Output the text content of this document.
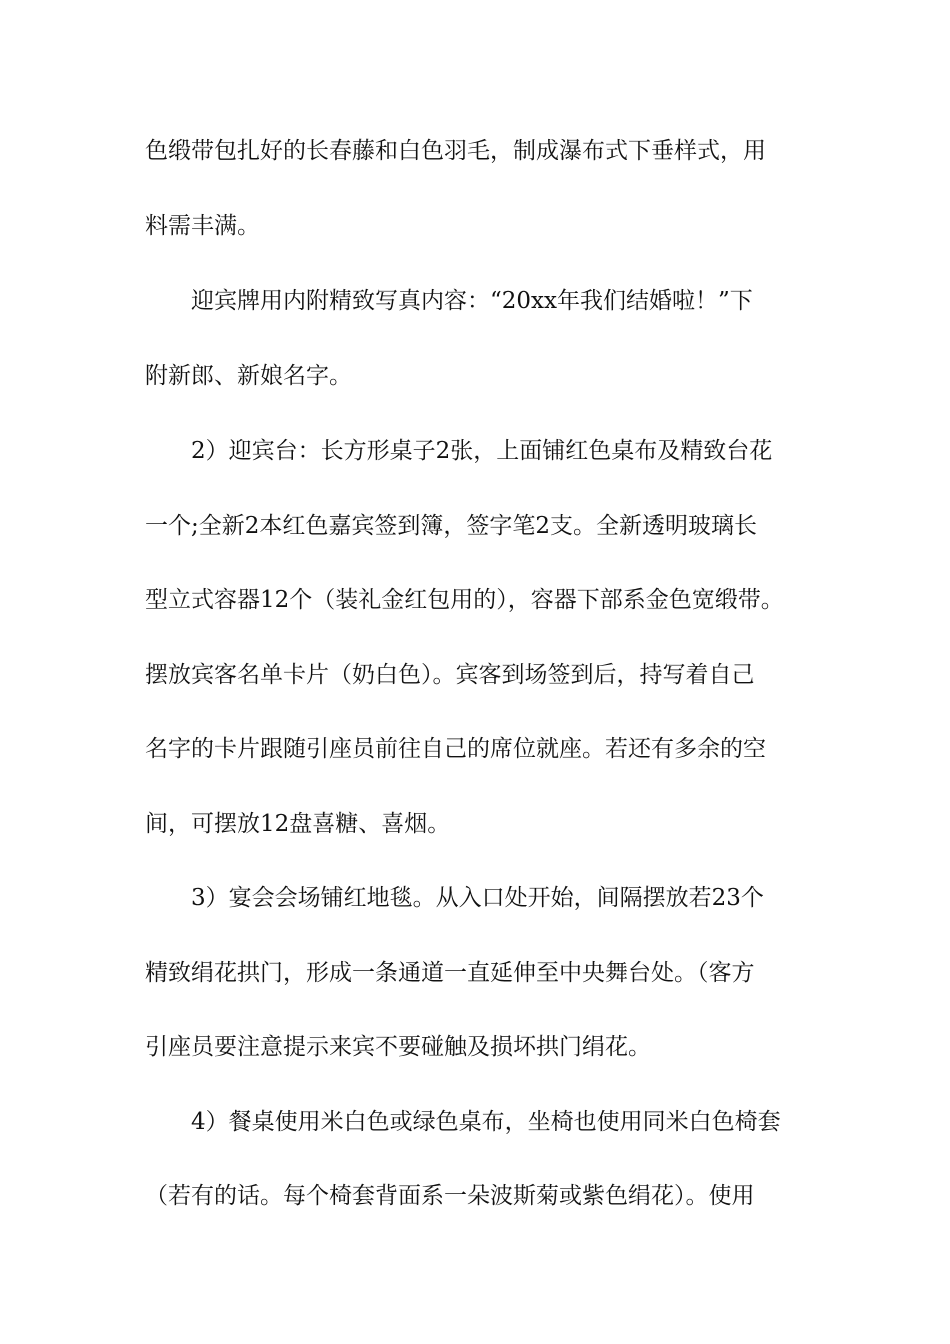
色缎带包扎好的长春藤和白色羽毛，制成瀑布式下垂样式，用
料需丰满。
迎宾牌用内附精致写真内容：“20xx年我们结婚啦！”下
附新郎、新娘名字。
2）迎宾台：长方形桌子2张，上面铺红色桌布及精致台花
一个;全新2本红色嘉宾签到簿，签字笔2支。全新透明玻璃长
型立式容器12个（装礼金红包用的），容器下部系金色宽缎带。
摆放宾客名单卡片（奶白色）。宾客到场签到后，持写着自己
名字的卡片跟随引座员前往自己的席位就座。若还有多余的空
间，可摆放12盘喜糖、喜烟。
3）宴会会场铺红地毯。从入口处开始，间隔摆放若23个
精致绢花拱门，形成一条通道一直延伸至中央舞台处。（客方
引座员要注意提示来宾不要碰触及损坏拱门绢花。
4）餐桌使用米白色或绿色桌布，坐椅也使用同米白色椅套
（若有的话。每个椅套背面系一朵波斯菊或紫色绢花）。使用
